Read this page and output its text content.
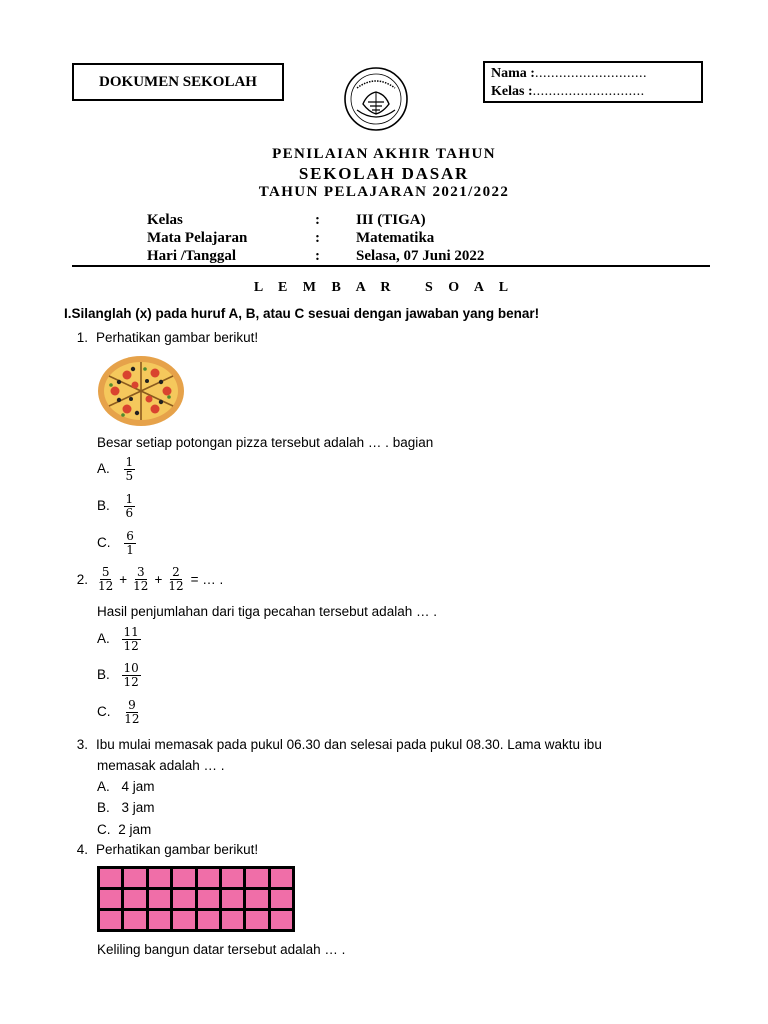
DOKUMEN SEKOLAH	Nama :............................
Kelas :............................
PENILAIAN AKHIR TAHUN
SEKOLAH DASAR
TAHUN PELAJARAN 2021/2022
Kelas	:	III (TIGA)
Mata Pelajaran	:	Matematika
Hari /Tanggal	:	Selasa, 07 Juni 2022
L E M B A R   S O A L
I.Silanglah (x) pada huruf A, B, atau C sesuai dengan jawaban yang benar!
1. Perhatikan gambar berikut!
Besar setiap potongan pizza tersebut adalah … . bagian
A. $\frac{1}{5}$
B. $\frac{1}{6}$
C. $\frac{6}{1}$
2. $\frac{5}{12} + \frac{3}{12} + \frac{2}{12}$ = … .
Hasil penjumlahan dari tiga pecahan tersebut adalah … .
A. $\frac{11}{12}$
B. $\frac{10}{12}$
C. $\frac{9}{12}$
3. Ibu mulai memasak pada pukul 06.30 dan selesai pada pukul 08.30. Lama waktu ibu
memasak adalah … .
A. 4 jam
B. 3 jam
C. 2 jam
4. Perhatikan gambar berikut!
Keliling bangun datar tersebut adalah … .
